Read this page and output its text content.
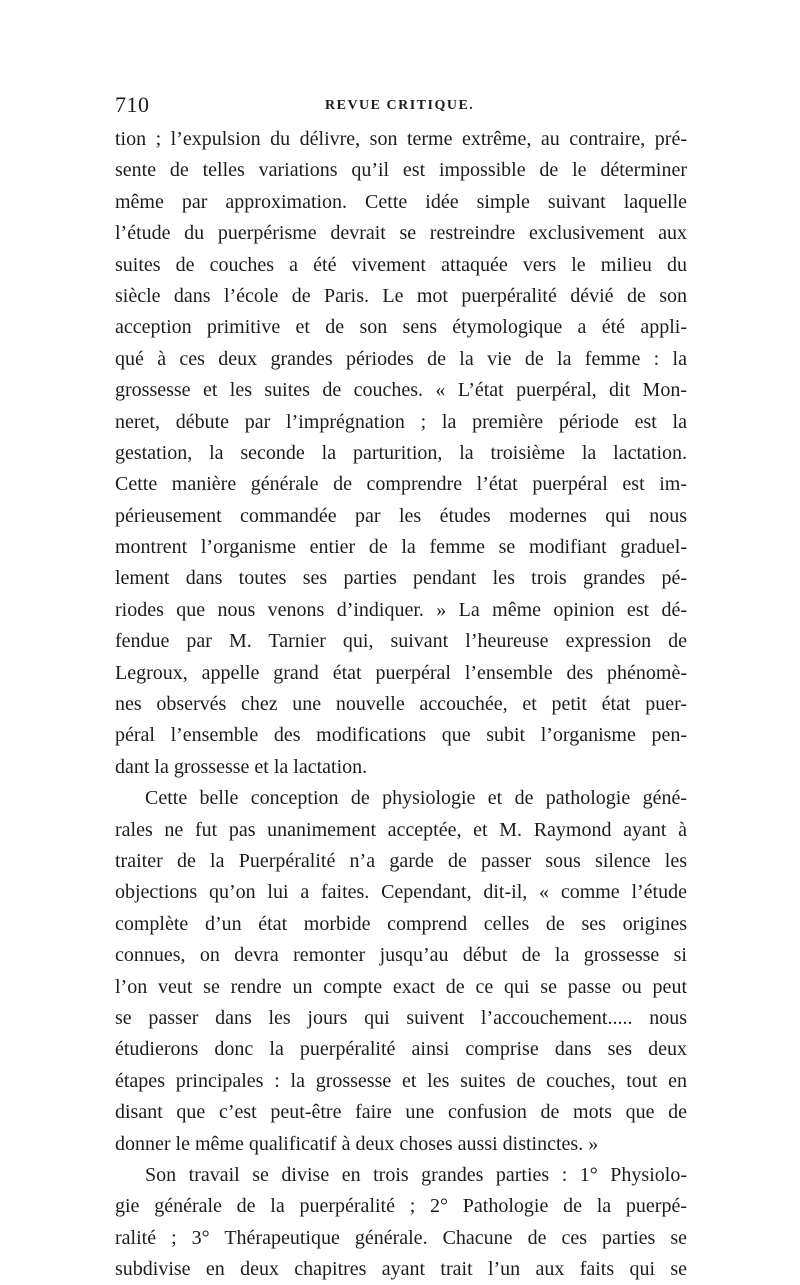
710	REVUE CRITIQUE.
tion ; l’expulsion du délivre, son terme extrême, au contraire, pré-
sente de telles variations qu’il est impossible de le déterminer
même par approximation. Cette idée simple suivant laquelle
l’étude du puerpérisme devrait se restreindre exclusivement aux
suites de couches a été vivement attaquée vers le milieu du
siècle dans l’école de Paris. Le mot puerpéralité dévié de son
acception primitive et de son sens étymologique a été appli-
qué à ces deux grandes périodes de la vie de la femme : la
grossesse et les suites de couches. « L’état puerpéral, dit Mon-
neret, débute par l’imprégnation ; la première période est la
gestation, la seconde la parturition, la troisième la lactation.
Cette manière générale de comprendre l’état puerpéral est im-
périeusement commandée par les études modernes qui nous
montrent l’organisme entier de la femme se modifiant graduel-
lement dans toutes ses parties pendant les trois grandes pé-
riodes que nous venons d’indiquer. » La même opinion est dé-
fendue par M. Tarnier qui, suivant l’heureuse expression de
Legroux, appelle grand état puerpéral l’ensemble des phénomè-
nes observés chez une nouvelle accouchée, et petit état puer-
péral l’ensemble des modifications que subit l’organisme pen-
dant la grossesse et la lactation.
Cette belle conception de physiologie et de pathologie géné-
rales ne fut pas unanimement acceptée, et M. Raymond ayant à
traiter de la Puerpéralité n’a garde de passer sous silence les
objections qu’on lui a faites. Cependant, dit-il, « comme l’étude
complète d’un état morbide comprend celles de ses origines
connues, on devra remonter jusqu’au début de la grossesse si
l’on veut se rendre un compte exact de ce qui se passe ou peut
se passer dans les jours qui suivent l’accouchement..... nous
étudierons donc la puerpéralité ainsi comprise dans ses deux
étapes principales : la grossesse et les suites de couches, tout en
disant que c’est peut-être faire une confusion de mots que de
donner le même qualificatif à deux choses aussi distinctes. »
Son travail se divise en trois grandes parties : 1° Physiolo-
gie générale de la puerpéralité ; 2° Pathologie de la puerpé-
ralité ; 3° Thérapeutique générale. Chacune de ces parties se
subdivise en deux chapitres ayant trait l’un aux faits qui se
